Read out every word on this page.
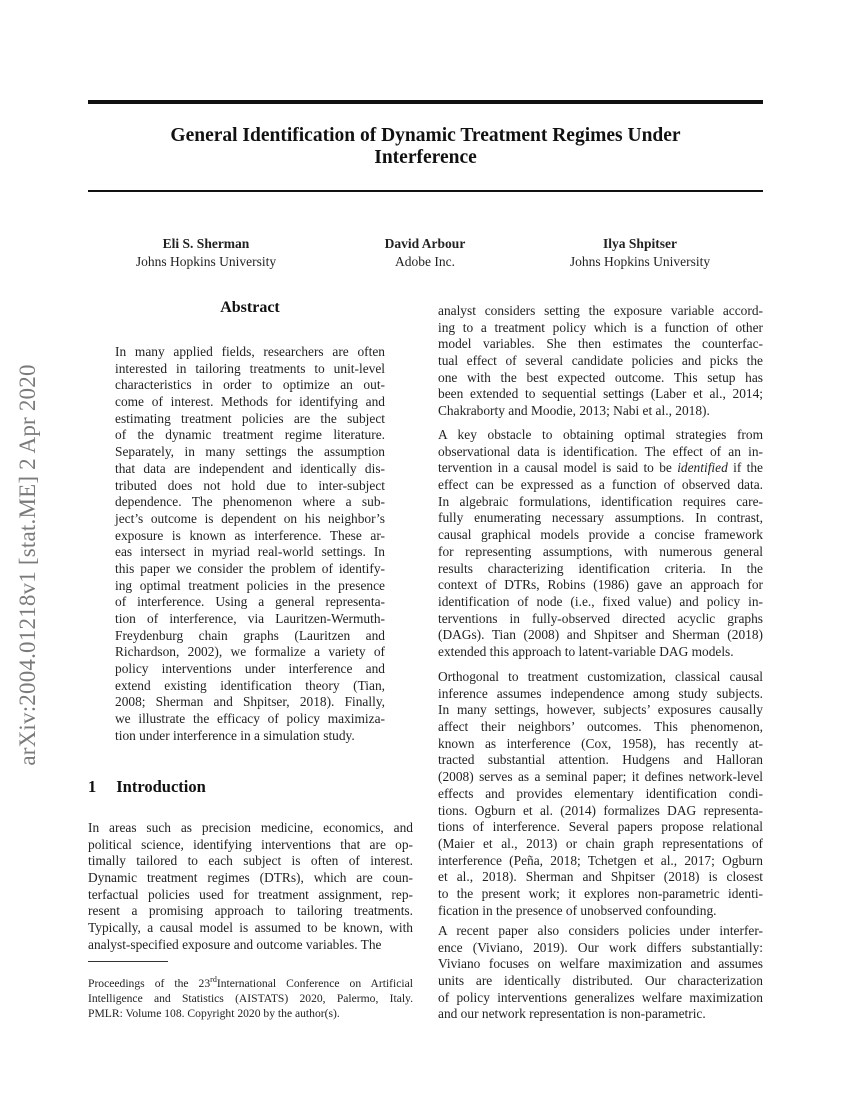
arXiv:2004.01218v1 [stat.ME] 2 Apr 2020
General Identification of Dynamic Treatment Regimes Under
Interference
Eli S. Sherman
Johns Hopkins University
David Arbour
Adobe Inc.
Ilya Shpitser
Johns Hopkins University
Abstract
In many applied fields, researchers are often
interested in tailoring treatments to unit-level
characteristics in order to optimize an out-
come of interest. Methods for identifying and
estimating treatment policies are the subject
of the dynamic treatment regime literature.
Separately, in many settings the assumption
that data are independent and identically dis-
tributed does not hold due to inter-subject
dependence. The phenomenon where a sub-
ject’s outcome is dependent on his neighbor’s
exposure is known as interference. These ar-
eas intersect in myriad real-world settings. In
this paper we consider the problem of identify-
ing optimal treatment policies in the presence
of interference. Using a general representa-
tion of interference, via Lauritzen-Wermuth-
Freydenburg chain graphs (Lauritzen and
Richardson, 2002), we formalize a variety of
policy interventions under interference and
extend existing identification theory (Tian,
2008; Sherman and Shpitser, 2018). Finally,
we illustrate the efficacy of policy maximiza-
tion under interference in a simulation study.
1 Introduction
In areas such as precision medicine, economics, and
political science, identifying interventions that are op-
timally tailored to each subject is often of interest.
Dynamic treatment regimes (DTRs), which are coun-
terfactual policies used for treatment assignment, rep-
resent a promising approach to tailoring treatments.
Typically, a causal model is assumed to be known, with
analyst-specified exposure and outcome variables. The
Proceedings of the 23rdInternational Conference on Artificial
Intelligence and Statistics (AISTATS) 2020, Palermo, Italy.
PMLR: Volume 108. Copyright 2020 by the author(s).
analyst considers setting the exposure variable accord-
ing to a treatment policy which is a function of other
model variables. She then estimates the counterfac-
tual effect of several candidate policies and picks the
one with the best expected outcome. This setup has
been extended to sequential settings (Laber et al., 2014;
Chakraborty and Moodie, 2013; Nabi et al., 2018).
A key obstacle to obtaining optimal strategies from
observational data is identification. The effect of an in-
tervention in a causal model is said to be identified if the
effect can be expressed as a function of observed data.
In algebraic formulations, identification requires care-
fully enumerating necessary assumptions. In contrast,
causal graphical models provide a concise framework
for representing assumptions, with numerous general
results characterizing identification criteria. In the
context of DTRs, Robins (1986) gave an approach for
identification of node (i.e., fixed value) and policy in-
terventions in fully-observed directed acyclic graphs
(DAGs). Tian (2008) and Shpitser and Sherman (2018)
extended this approach to latent-variable DAG models.
Orthogonal to treatment customization, classical causal
inference assumes independence among study subjects.
In many settings, however, subjects’ exposures causally
affect their neighbors’ outcomes. This phenomenon,
known as interference (Cox, 1958), has recently at-
tracted substantial attention. Hudgens and Halloran
(2008) serves as a seminal paper; it defines network-level
effects and provides elementary identification condi-
tions. Ogburn et al. (2014) formalizes DAG representa-
tions of interference. Several papers propose relational
(Maier et al., 2013) or chain graph representations of
interference (Peña, 2018; Tchetgen et al., 2017; Ogburn
et al., 2018). Sherman and Shpitser (2018) is closest
to the present work; it explores non-parametric identi-
fication in the presence of unobserved confounding.
A recent paper also considers policies under interfer-
ence (Viviano, 2019). Our work differs substantially:
Viviano focuses on welfare maximization and assumes
units are identically distributed. Our characterization
of policy interventions generalizes welfare maximization
and our network representation is non-parametric.
